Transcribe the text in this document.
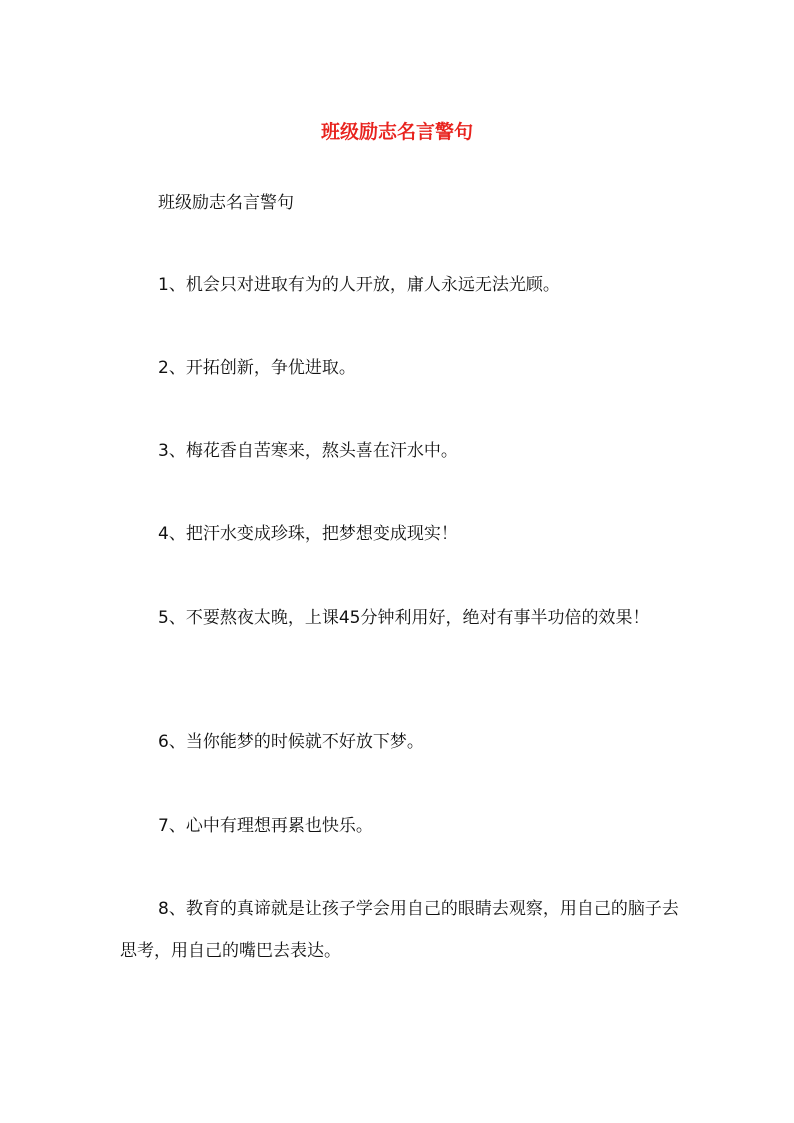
班级励志名言警句

班级励志名言警句

1、机会只对进取有为的人开放，庸人永远无法光顾。

2、开拓创新，争优进取。

3、梅花香自苦寒来，熬头喜在汗水中。

4、把汗水变成珍珠，把梦想变成现实！

5、不要熬夜太晚，上课45分钟利用好，绝对有事半功倍的效果！

6、当你能梦的时候就不好放下梦。

7、心中有理想再累也快乐。

8、教育的真谛就是让孩子学会用自己的眼睛去观察，用自己的脑子去思考，用自己的嘴巴去表达。
